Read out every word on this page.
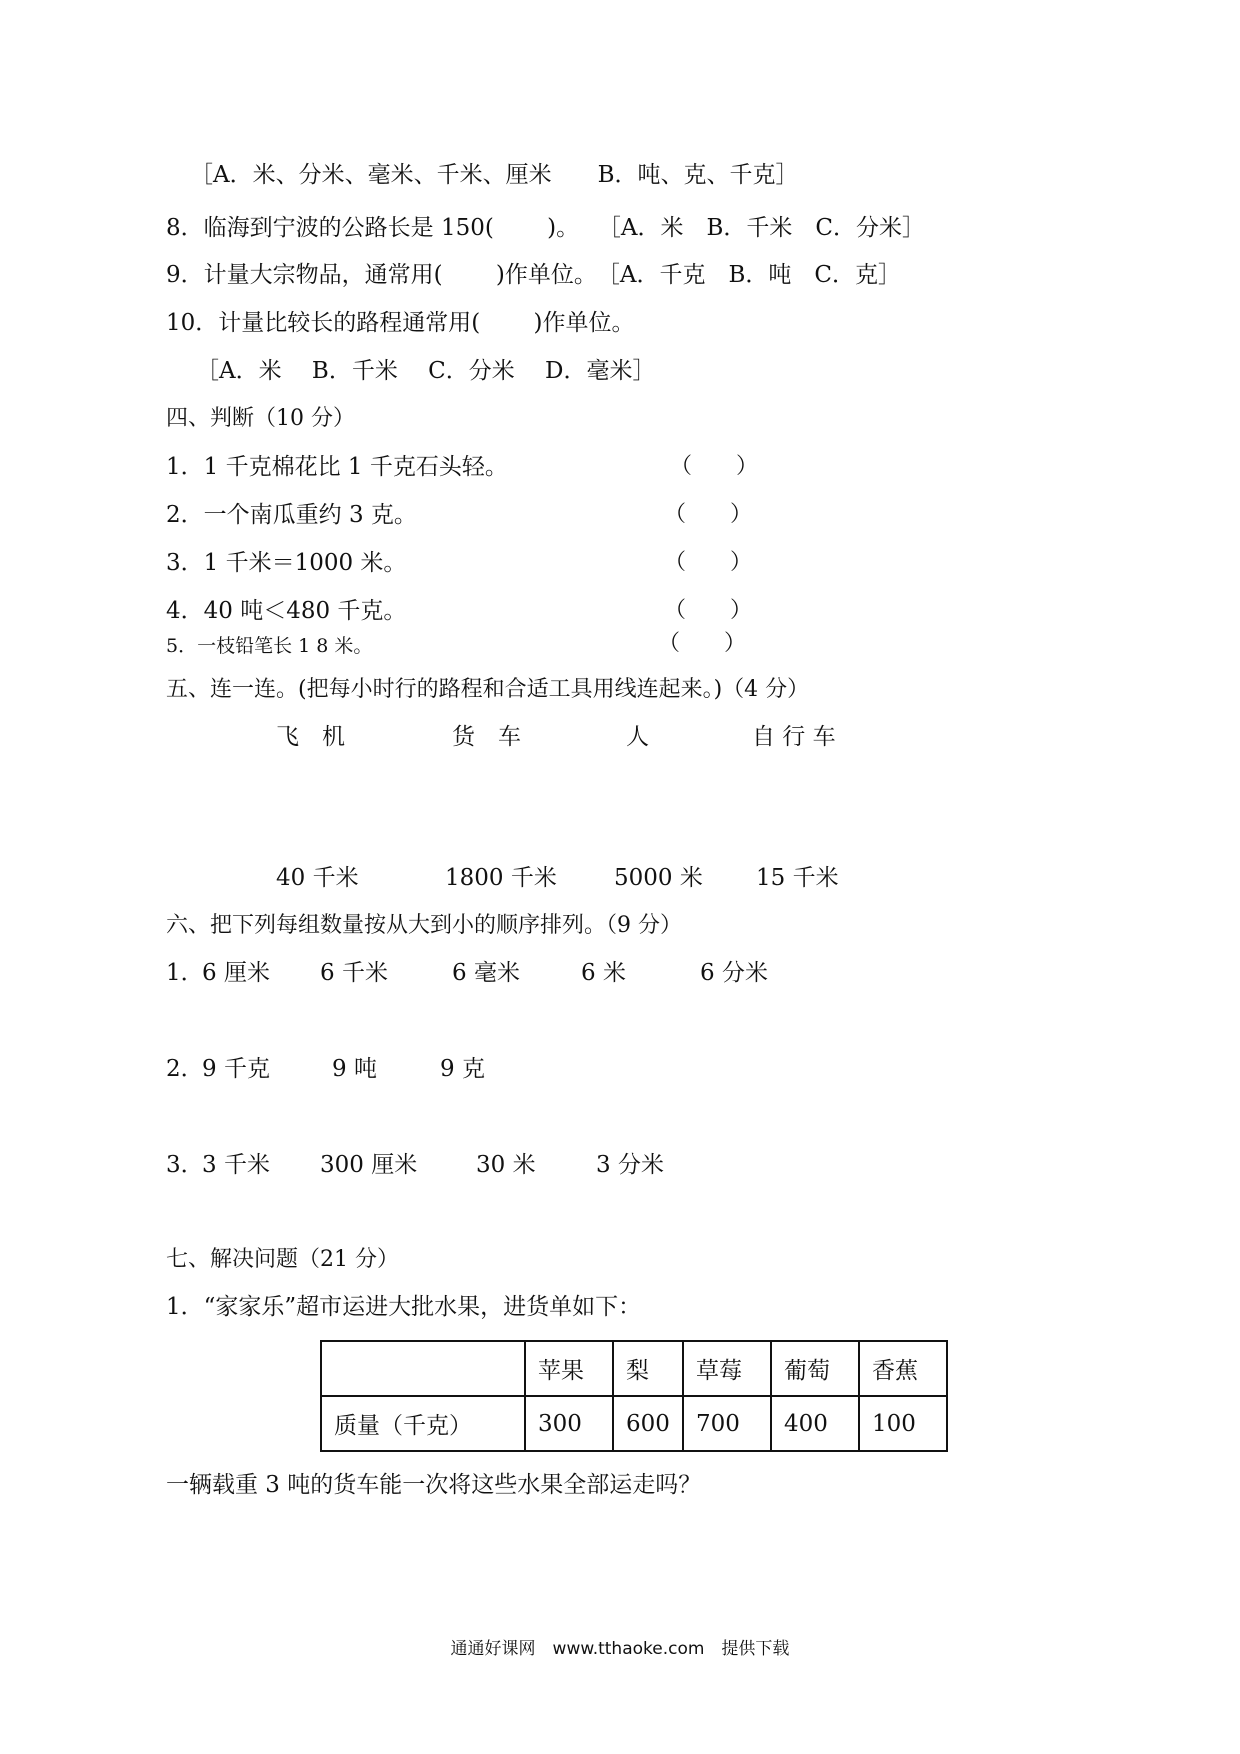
［A．米、分米、毫米、千米、厘米　　B．吨、克、千克］
8．临海到宁波的公路长是 150(　　 )。　 ［A．米　B．千米　C．分米］
9．计量大宗物品，通常用(　　 )作单位。　［A．千克　B．吨　C．克］
10．计量比较长的路程通常用(　　 )作单位。
［A．米　 B．千米　 C．分米　 D．毫米］
四、判断（10 分）
1．1 千克棉花比 1 千克石头轻。	（　　）
2．一个南瓜重约 3 克。	（　　）
3．1 千米＝1000 米。	（　　）
4．40 吨＜480 千克。	（　　）
5．一枝铅笔长 1 8 米。	（　　）
五、连一连。(把每小时行的路程和合适工具用线连起来。)（4 分）
飞　机	货　车	人	自 行 车
40 千米	1800 千米 5000 米 15 千米
六、把下列每组数量按从大到小的顺序排列。（9 分）
1．
6 厘米 6 千米	6 毫米	6 米	6 分米
2．
9 千克	9 吨	9 克
3．
3 千米 300 厘米	30 米	3 分米
七、解决问题（21 分）
1．“家家乐”超市运进大批水果，进货单如下：
	苹果	梨	草莓	葡萄	香蕉
质量（千克）	300	600	700	400	100
一辆载重 3 吨的货车能一次将这些水果全部运走吗？
通通好课网　www.tthaoke.com　提供下载
